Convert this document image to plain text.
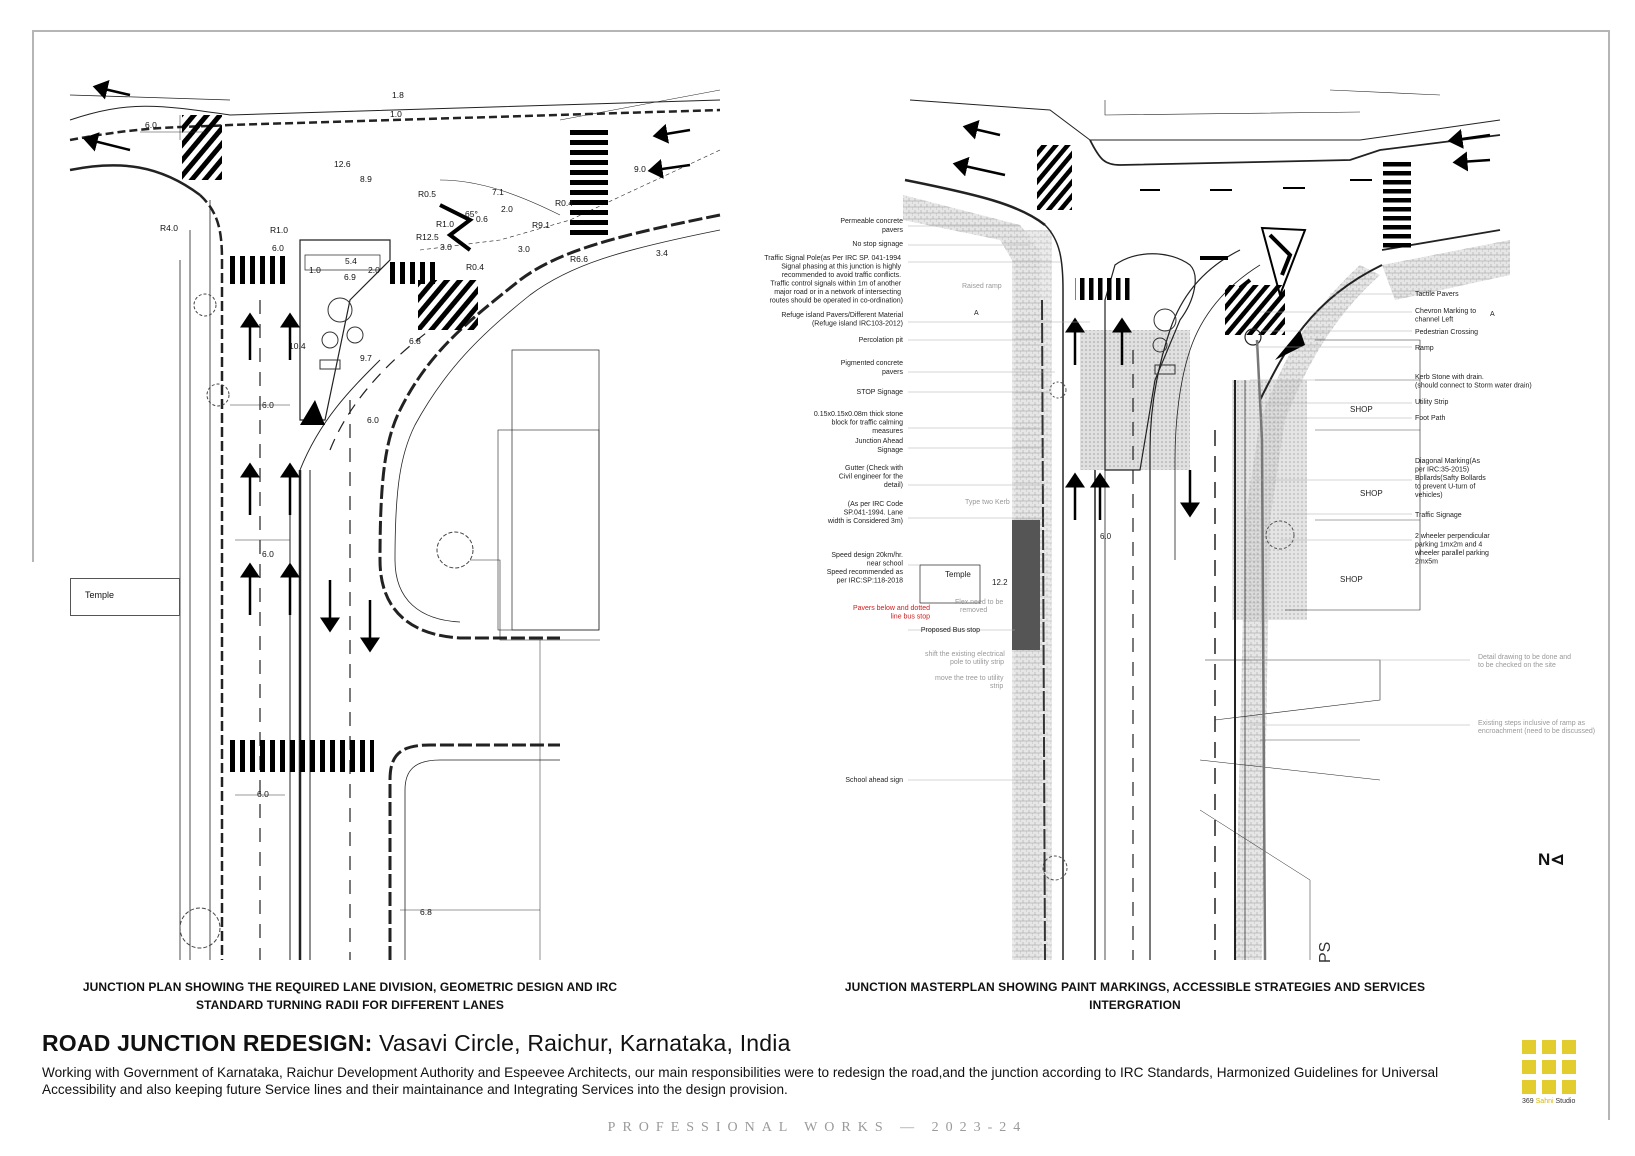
1.8
1.0
6.0
12.6
8.9
R0.5	7.1
R0.4
9.0
R4.0	R1.0
6.0
R1.0
65°
0.6
2.0
R9.1
R12.5
3.0	3.0
R6.6
3.4
5.4
1.0	2.0
6.9
R0.4
10.4	6.8
9.7
6.0
6.0
6.0
6.0
6.8
Temple
Permeable concrete pavers
No stop signage
Traffic Signal Pole(as Per IRC SP. 041-1994 Signal phasing at this junction is highly recommended to avoid traffic conflicts. Traffic control signals within 1m of another major road or in a network of intersecting routes should be operated in co-ordination)
Refuge island Pavers/Different Material (Refuge island IRC103-2012)
Percolation pit
Pigmented concrete pavers
STOP Signage
0.15x0.15x0.08m thick stone block for traffic calming measures
Junction Ahead Signage
Gutter (Check with Civil engineer for the detail)
(As per IRC Code SP.041-1994. Lane width is Considered 3m)
Speed design 20km/hr. near school Speed recommended as per IRC:SP:118-2018
Pavers below and dotted line bus stop
Proposed Bus stop
School ahead sign
Raised ramp
Type two Kerb
Flex need to be removed
shift the existing electrical pole to utility strip
move the tree to utility strip
Detail drawing to be done and to be checked on the site
Existing steps inclusive of ramp as encroachment (need to be discussed)
Tactile Pavers
Chevron Marking to channel Left
Pedestrian Crossing
Ramp
Kerb Stone with drain. (should connect to Storm water drain)
Utility Strip
Foot Path
Diagonal Marking(As per IRC:35-2015) Bollards(Safty Bollards to prevent U-turn of vehicles)
Traffic Signage
2 wheeler perpendicular parking 1mx2m and 4 wheeler parallel parking 2mx5m
A	A
SHOP
SHOP
SHOP
Temple
12.2
6.0
PS
N⊲
JUNCTION PLAN SHOWING THE REQUIRED LANE DIVISION, GEOMETRIC DESIGN AND IRC STANDARD TURNING RADII FOR DIFFERENT LANES
JUNCTION MASTERPLAN SHOWING PAINT MARKINGS, ACCESSIBLE STRATEGIES AND SERVICES INTERGRATION
ROAD JUNCTION REDESIGN: Vasavi Circle, Raichur, Karnataka, India

Working with Government of Karnataka, Raichur Development Authority and Espeevee Architects, our main responsibilities were to redesign the road,and the junction according to IRC Standards, Harmonized Guidelines for Universal Accessibility and also keeping future Service lines and their maintainance and Integrating Services into the design provision.

369 Sahni Studio
PROFESSIONAL WORKS — 2023-24
